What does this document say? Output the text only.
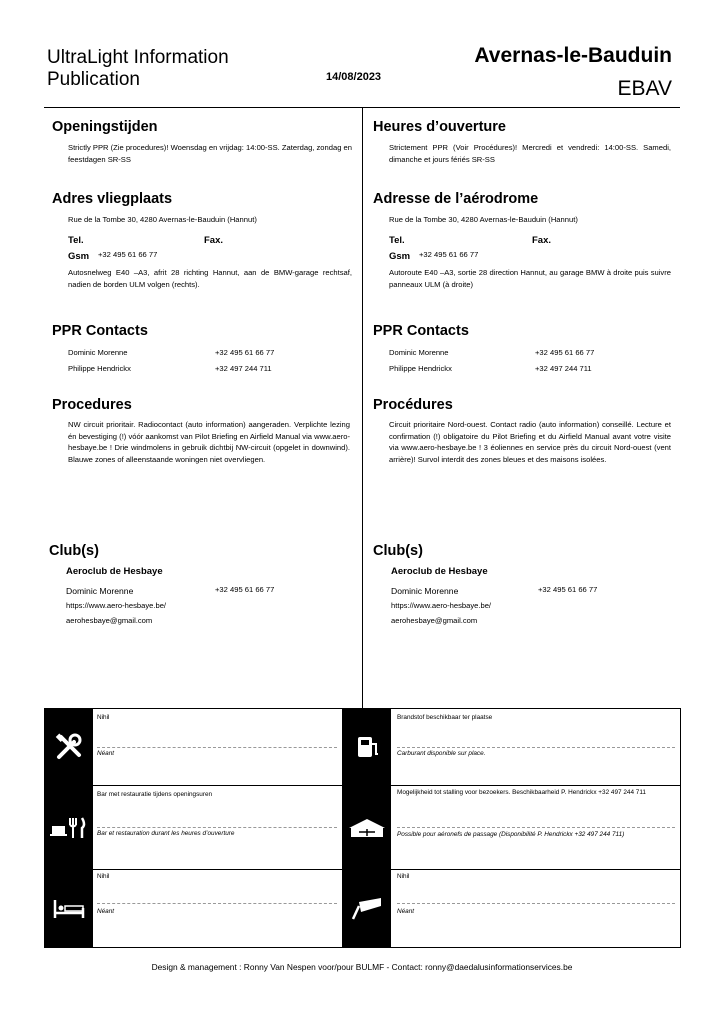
UltraLight Information
Publication	14/08/2023
Avernas-le-Bauduin
EBAV
Openingstijden
Strictly PPR (Zie procedures)! Woensdag en vrijdag: 14:00-SS. Zaterdag, zondag en feestdagen SR-SS
Adres vliegplaats
Rue de la Tombe 30, 4280 Avernas-le-Bauduin (Hannut)
Tel.	Fax.
Gsm +32 495 61 66 77
Autosnelweg E40 –A3, afrit 28 richting Hannut, aan de BMW-garage rechtsaf, nadien de borden ULM volgen (rechts).
PPR Contacts
Dominic Morenne	+32 495 61 66 77
Philippe Hendrickx	+32 497 244 711
Procedures
NW circuit prioritair. Radiocontact (auto information) aangeraden. Verplichte lezing én bevestiging (!) vóór aankomst van Pilot Briefing en Airfield Manual via www.aero-hesbaye.be ! Drie windmolens in gebruik dichtbij NW-circuit (opgelet in downwind). Blauwe zones of alleenstaande woningen niet overvliegen.
Club(s)
Aeroclub de Hesbaye
Dominic Morenne	+32 495 61 66 77
https://www.aero-hesbaye.be/
aerohesbaye@gmail.com
Heures d’ouverture
Strictement PPR (Voir Procédures)! Mercredi et vendredi: 14:00-SS. Samedi, dimanche et jours fériés SR-SS
Adresse de l’aérodrome
Rue de la Tombe 30, 4280 Avernas-le-Bauduin (Hannut)
Tel.	Fax.
Gsm +32 495 61 66 77
Autoroute E40 –A3, sortie 28 direction Hannut, au garage BMW à droite puis suivre panneaux ULM (à droite)
PPR Contacts
Dominic Morenne	+32 495 61 66 77
Philippe Hendrickx	+32 497 244 711
Procédures
Circuit prioritaire Nord-ouest. Contact radio (auto information) conseillé. Lecture et confirmation (!) obligatoire du Pilot Briefing et du Airfield Manual avant votre visite via www.aero-hesbaye.be ! 3 éoliennes en service près du circuit Nord-ouest (vent arrière)! Survol interdit des zones bleues et des maisons isolées.
Club(s)
Aeroclub de Hesbaye
Dominic Morenne	+32 495 61 66 77
https://www.aero-hesbaye.be/
aerohesbaye@gmail.com
Nihil
Néant
Brandstof beschikbaar ter plaatse
Carburant disponible sur place.
Bar met restauratie tijdens openingsuren
Bar et restauration durant les heures d’ouverture
Mogelijkheid tot stalling voor bezoekers. Beschikbaarheid P. Hendrickx +32 497 244 711
Possible pour aéronefs de passage (Disponibilité P. Hendrickx +32 497 244 711)
Nihil
Néant
Nihil
Néant
Design & management : Ronny Van Nespen voor/pour BULMF - Contact: ronny@daedalusinformationservices.be
